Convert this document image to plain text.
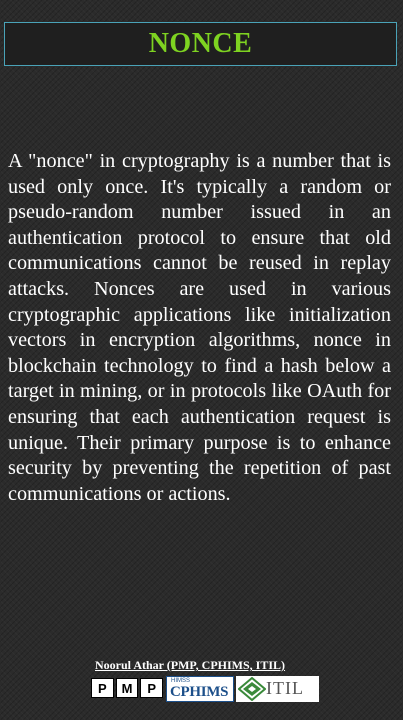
NONCE

A "nonce" in cryptography is a number that is used only once. It's typically a random or pseudo-random number issued in an authentication protocol to ensure that old communications cannot be reused in replay attacks. Nonces are used in various cryptographic applications like initialization vectors in encryption algorithms, nonce in blockchain technology to find a hash below a target in mining, or in protocols like OAuth for ensuring that each authentication request is unique. Their primary purpose is to enhance security by preventing the repetition of past communications or actions.

Noorul Athar (PMP, CPHIMS, ITIL)
P	M	P	HIMSS
CPHIMS ITIL
